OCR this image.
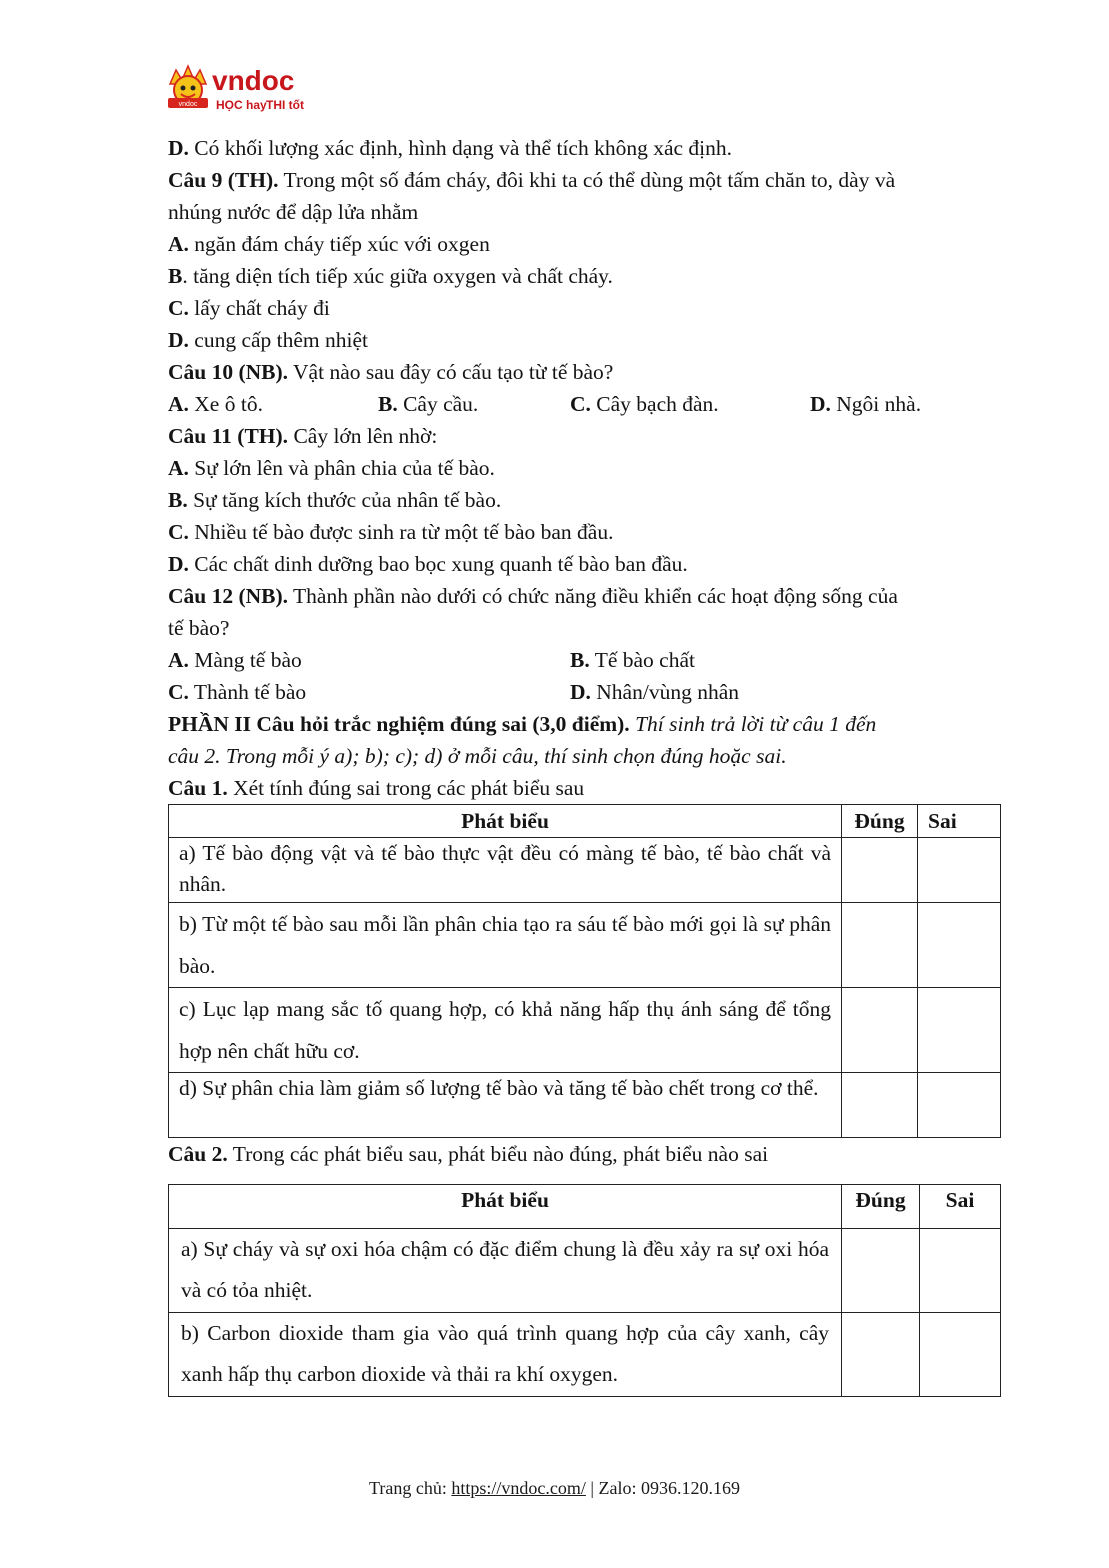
vndoc
vndoc
HỌC hay THI tốt
D. Có khối lượng xác định, hình dạng và thể tích không xác định.
Câu 9 (TH). Trong một số đám cháy, đôi khi ta có thể dùng một tấm chăn to, dày và
nhúng nước để dập lửa nhằm
A. ngăn đám cháy tiếp xúc với oxgen
B. tăng diện tích tiếp xúc giữa oxygen và chất cháy.
C. lấy chất cháy đi
D. cung cấp thêm nhiệt
Câu 10 (NB). Vật nào sau đây có cấu tạo từ tế bào?
A. Xe ô tô.	B. Cây cầu.	C. Cây bạch đàn.	D. Ngôi nhà.
Câu 11 (TH). Cây lớn lên nhờ:
A. Sự lớn lên và phân chia của tế bào.
B. Sự tăng kích thước của nhân tế bào.
C. Nhiều tế bào được sinh ra từ một tế bào ban đầu.
D. Các chất dinh dưỡng bao bọc xung quanh tế bào ban đầu.
Câu 12 (NB). Thành phần nào dưới có chức năng điều khiển các hoạt động sống của
tế bào?
A. Màng tế bào	B. Tế bào chất
C. Thành tế bào	D. Nhân/vùng nhân
PHẦN II Câu hỏi trắc nghiệm đúng sai (3,0 điểm). Thí sinh trả lời từ câu 1 đến
câu 2. Trong mỗi ý a); b); c); d) ở mỗi câu, thí sinh chọn đúng hoặc sai.
Câu 1. Xét tính đúng sai trong các phát biểu sau
Phát biểu	Đúng	Sai
a) Tế bào động vật và tế bào thực vật đều có màng tế bào, tế bào chất và nhân.		
b) Từ một tế bào sau mỗi lần phân chia tạo ra sáu tế bào mới gọi là sự phân bào.		
c) Lục lạp mang sắc tố quang hợp, có khả năng hấp thụ ánh sáng để tổng hợp nên chất hữu cơ.		
d) Sự phân chia làm giảm số lượng tế bào và tăng tế bào chết trong cơ thể.		
Câu 2. Trong các phát biểu sau, phát biểu nào đúng, phát biểu nào sai
Phát biểu	Đúng	Sai
a) Sự cháy và sự oxi hóa chậm có đặc điểm chung là đều xảy ra sự oxi hóa và có tỏa nhiệt.		
b) Carbon dioxide tham gia vào quá trình quang hợp của cây xanh, cây xanh hấp thụ carbon dioxide và thải ra khí oxygen.		
Trang chủ: https://vndoc.com/ | Zalo: 0936.120.169
